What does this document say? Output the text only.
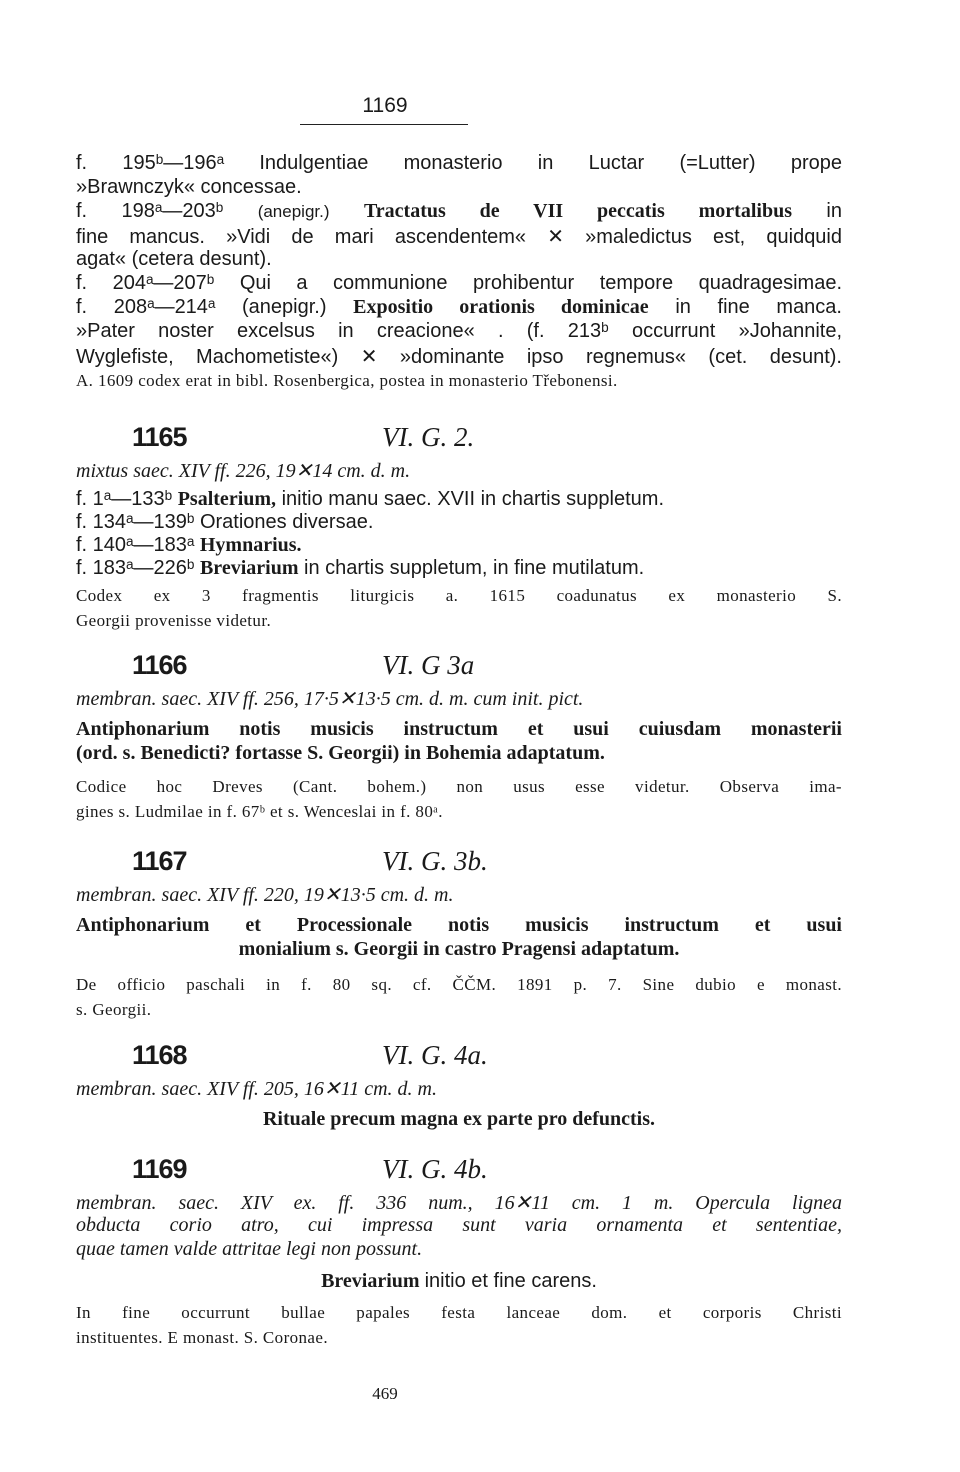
1169
f. 195ᵇ—196ᵃ Indulgentiae monasterio in Luctar (=Lutter) prope
»Brawnczyk« concessae.
f. 198ᵃ—203ᵇ (anepigr.) Tractatus de VII peccatis mortalibus in
fine mancus. »Vidi de mari ascendentem« ✕ »maledictus est, quidquid
agat« (cetera desunt).
f. 204ᵃ—207ᵇ Qui a communione prohibentur tempore quadragesimae.
f. 208ᵃ—214ᵃ (anepigr.) Expositio orationis dominicae in fine manca.
»Pater noster excelsus in creacione« . (f. 213ᵇ occurrunt »Johannite,
Wyglefiste, Machometiste«) ✕ »dominante ipso regnemus« (cet. desunt).
A. 1609 codex erat in bibl. Rosenbergica, postea in monasterio Třebonensi.
1165	VI. G. 2.
mixtus saec. XIV ff. 226, 19✕14 cm. d. m.
f. 1ᵃ—133ᵇ Psalterium, initio manu saec. XVII in chartis suppletum.
f. 134ᵃ—139ᵇ Orationes diversae.
f. 140ᵃ—183ᵃ Hymnarius.
f. 183ᵃ—226ᵇ Breviarium in chartis suppletum, in fine mutilatum.
Codex ex 3 fragmentis liturgicis a. 1615 coadunatus ex monasterio S.
Georgii provenisse videtur.
1166	VI. G 3a
membran. saec. XIV ff. 256, 17·5✕13·5 cm. d. m. cum init. pict.
Antiphonarium notis musicis instructum et usui cuiusdam monasterii
(ord. s. Benedicti? fortasse S. Georgii) in Bohemia adaptatum.
Codice hoc Dreves (Cant. bohem.) non usus esse videtur. Observa ima-
gines s. Ludmilae in f. 67ᵇ et s. Wenceslai in f. 80ᵃ.
1167	VI. G. 3b.
membran. saec. XIV ff. 220, 19✕13·5 cm. d. m.
Antiphonarium et Processionale notis musicis instructum et usui
monialium s. Georgii in castro Pragensi adaptatum.
De officio paschali in f. 80 sq. cf. ČČM. 1891 p. 7. Sine dubio e monast.
s. Georgii.
1168	VI. G. 4a.
membran. saec. XIV ff. 205, 16✕11 cm. d. m.
Rituale precum magna ex parte pro defunctis.
1169	VI. G. 4b.
membran. saec. XIV ex. ff. 336 num., 16✕11 cm. 1 m. Opercula lignea
obducta corio atro, cui impressa sunt varia ornamenta et sententiae,
quae tamen valde attritae legi non possunt.
Breviarium initio et fine carens.
In fine occurrunt bullae papales festa lanceae dom. et corporis Christi
instituentes. E monast. S. Coronae.
469
